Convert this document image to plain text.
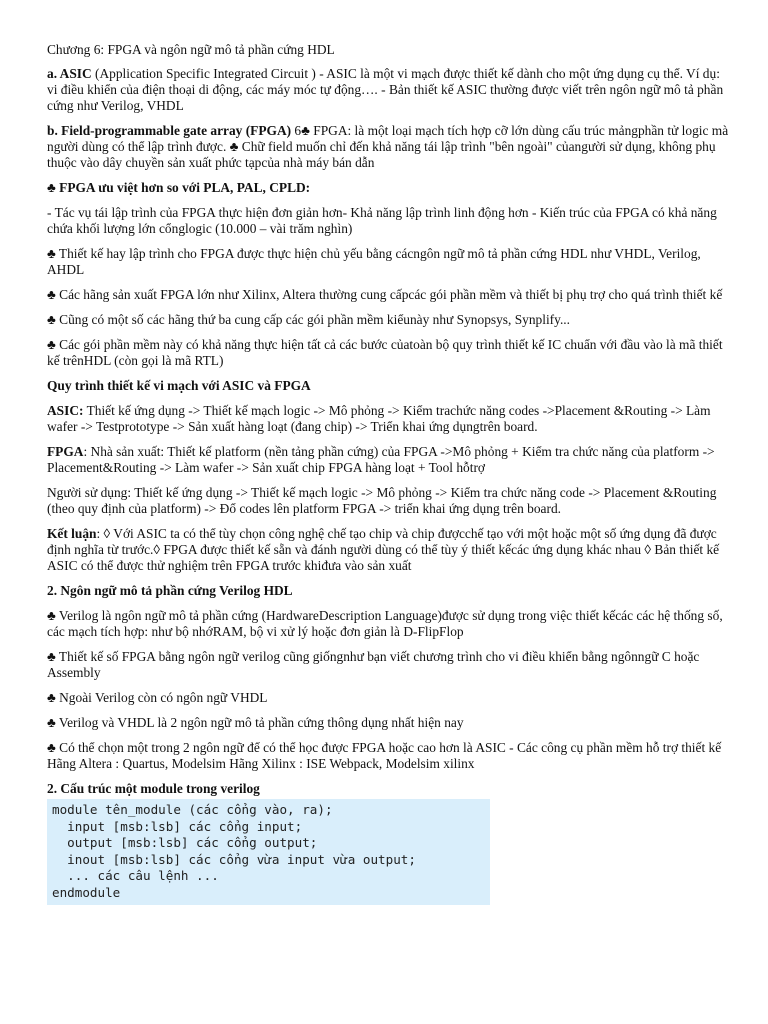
Chương 6: FPGA và ngôn ngữ mô tả phần cứng HDL

a. ASIC (Application Specific Integrated Circuit ) - ASIC là một vi mạch được thiết kế dành cho một ứng dụng cụ thể. Ví dụ: vi điều khiển của điện thoại di động, các máy móc tự động…. - Bản thiết kế ASIC thường được viết trên ngôn ngữ mô tả phần cứng như Verilog, VHDL

b. Field-programmable gate array (FPGA) 6♣ FPGA: là một loại mạch tích hợp cỡ lớn dùng cấu trúc mảngphần tử logic mà người dùng có thể lập trình được. ♣ Chữ field muốn chỉ đến khả năng tái lập trình "bên ngoài" củangười sử dụng, không phụ thuộc vào dây chuyền sản xuất phức tạpcủa nhà máy bán dẫn

♣ FPGA ưu việt hơn so với PLA, PAL, CPLD:

- Tác vụ tái lập trình của FPGA thực hiện đơn giản hơn- Khả năng lập trình linh động hơn - Kiến trúc của FPGA có khả năng chứa khối lượng lớn cổnglogic (10.000 – vài trăm nghìn)

♣ Thiết kế hay lập trình cho FPGA được thực hiện chủ yếu bằng cácngôn ngữ mô tả phần cứng HDL như VHDL, Verilog, AHDL

♣ Các hãng sản xuất FPGA lớn như Xilinx, Altera thường cung cấpcác gói phần mềm và thiết bị phụ trợ cho quá trình thiết kế

♣ Cũng có một số các hãng thứ ba cung cấp các gói phần mềm kiểunày như Synopsys, Synplify...

♣ Các gói phần mềm này có khả năng thực hiện tất cả các bước củatoàn bộ quy trình thiết kế IC chuẩn với đầu vào là mã thiết kế trênHDL (còn gọi là mã RTL)

Quy trình thiết kế vi mạch với ASIC và FPGA

ASIC: Thiết kế ứng dụng -> Thiết kế mạch logic -> Mô phỏng -> Kiểm trachức năng codes ->Placement &Routing -> Làm wafer -> Testprototype -> Sản xuất hàng loạt (đang chip) -> Triển khai ứng dụngtrên board.

FPGA: Nhà sản xuất: Thiết kế platform (nền tảng phần cứng) của FPGA ->Mô phỏng + Kiểm tra chức năng của platform -> Placement&Routing -> Làm wafer -> Sản xuất chip FPGA hàng loạt + Tool hỗtrợ

Người sử dụng: Thiết kế ứng dụng -> Thiết kế mạch logic -> Mô phỏng -> Kiểm tra chức năng code -> Placement &Routing (theo quy định của platform) -> Đổ codes lên platform FPGA -> triển khai ứng dụng trên board.

Kết luận: ◊ Với ASIC ta có thể tùy chọn công nghệ chế tạo chip và chip đượcchế tạo với một hoặc một số ứng dụng đã được định nghĩa từ trước.◊ FPGA được thiết kế sẵn và đánh người dùng có thể tùy ý thiết kếcác ứng dụng khác nhau ◊ Bản thiết kế ASIC có thể được thử nghiệm trên FPGA trước khiđưa vào sản xuất

2. Ngôn ngữ mô tả phần cứng Verilog HDL

♣ Verilog là ngôn ngữ mô tả phần cứng (HardwareDescription Language)được sử dụng trong việc thiết kếcác các hệ thống số, các mạch tích hợp: như bộ nhớRAM, bộ vi xử lý hoặc đơn giản là D-FlipFlop

♣ Thiết kế số FPGA bằng ngôn ngữ verilog cũng giốngnhư bạn viết chương trình cho vi điều khiển bằng ngônngữ C hoặc Assembly

♣ Ngoài Verilog còn có ngôn ngữ VHDL

♣ Verilog và VHDL là 2 ngôn ngữ mô tả phần cứng thông dụng nhất hiện nay

♣ Có thể chọn một trong 2 ngôn ngữ để có thể học được FPGA hoặc cao hơn là ASIC - Các công cụ phần mềm hỗ trợ thiết kế Hãng Altera : Quartus, Modelsim Hãng Xilinx : ISE Webpack, Modelsim xilinx

2. Cấu trúc một module trong verilog

module tên_module (các cổng vào, ra);
input [msb:lsb] các cổng input;
output [msb:lsb] các cổng output;
inout [msb:lsb] các cổng vừa input vừa output;
... các câu lệnh ...
endmodule
